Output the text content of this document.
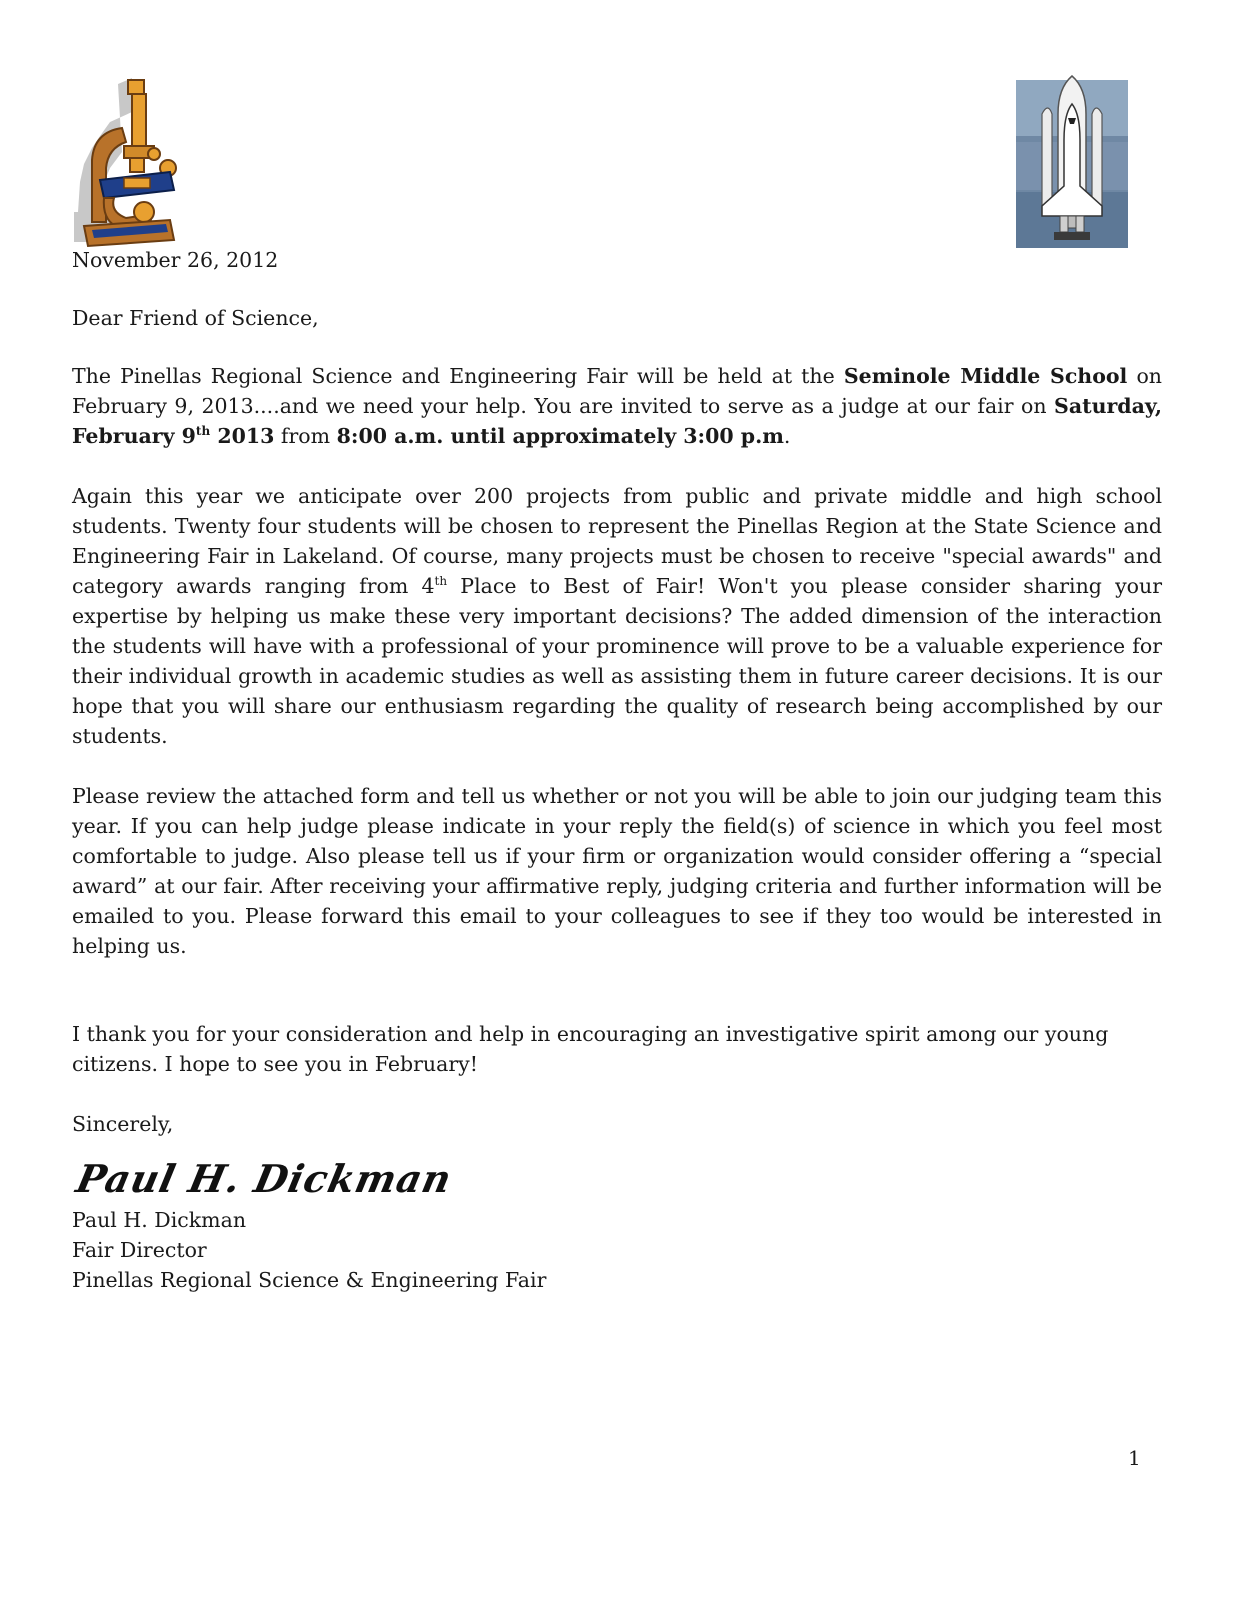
November 26, 2012
Dear Friend of Science,

The Pinellas Regional Science and Engineering Fair will be held at the Seminole Middle School on February 9, 2013....and we need your help. You are invited to serve as a judge at our fair on Saturday, February 9th 2013 from 8:00 a.m. until approximately 3:00 p.m.

Again this year we anticipate over 200 projects from public and private middle and high school students. Twenty four students will be chosen to represent the Pinellas Region at the State Science and Engineering Fair in Lakeland. Of course, many projects must be chosen to receive "special awards" and category awards ranging from 4th Place to Best of Fair! Won't you please consider sharing your expertise by helping us make these very important decisions? The added dimension of the interaction the students will have with a professional of your prominence will prove to be a valuable experience for their individual growth in academic studies as well as assisting them in future career decisions. It is our hope that you will share our enthusiasm regarding the quality of research being accomplished by our students.

Please review the attached form and tell us whether or not you will be able to join our judging team this year. If you can help judge please indicate in your reply the field(s) of science in which you feel most comfortable to judge. Also please tell us if your firm or organization would consider offering a “special award” at our fair. After receiving your affirmative reply, judging criteria and further information will be emailed to you. Please forward this email to your colleagues to see if they too would be interested in helping us.

I thank you for your consideration and help in encouraging an investigative spirit among our young citizens. I hope to see you in February!

Sincerely,
Paul H. Dickman
Paul H. Dickman
Fair Director
Pinellas Regional Science & Engineering Fair
1
